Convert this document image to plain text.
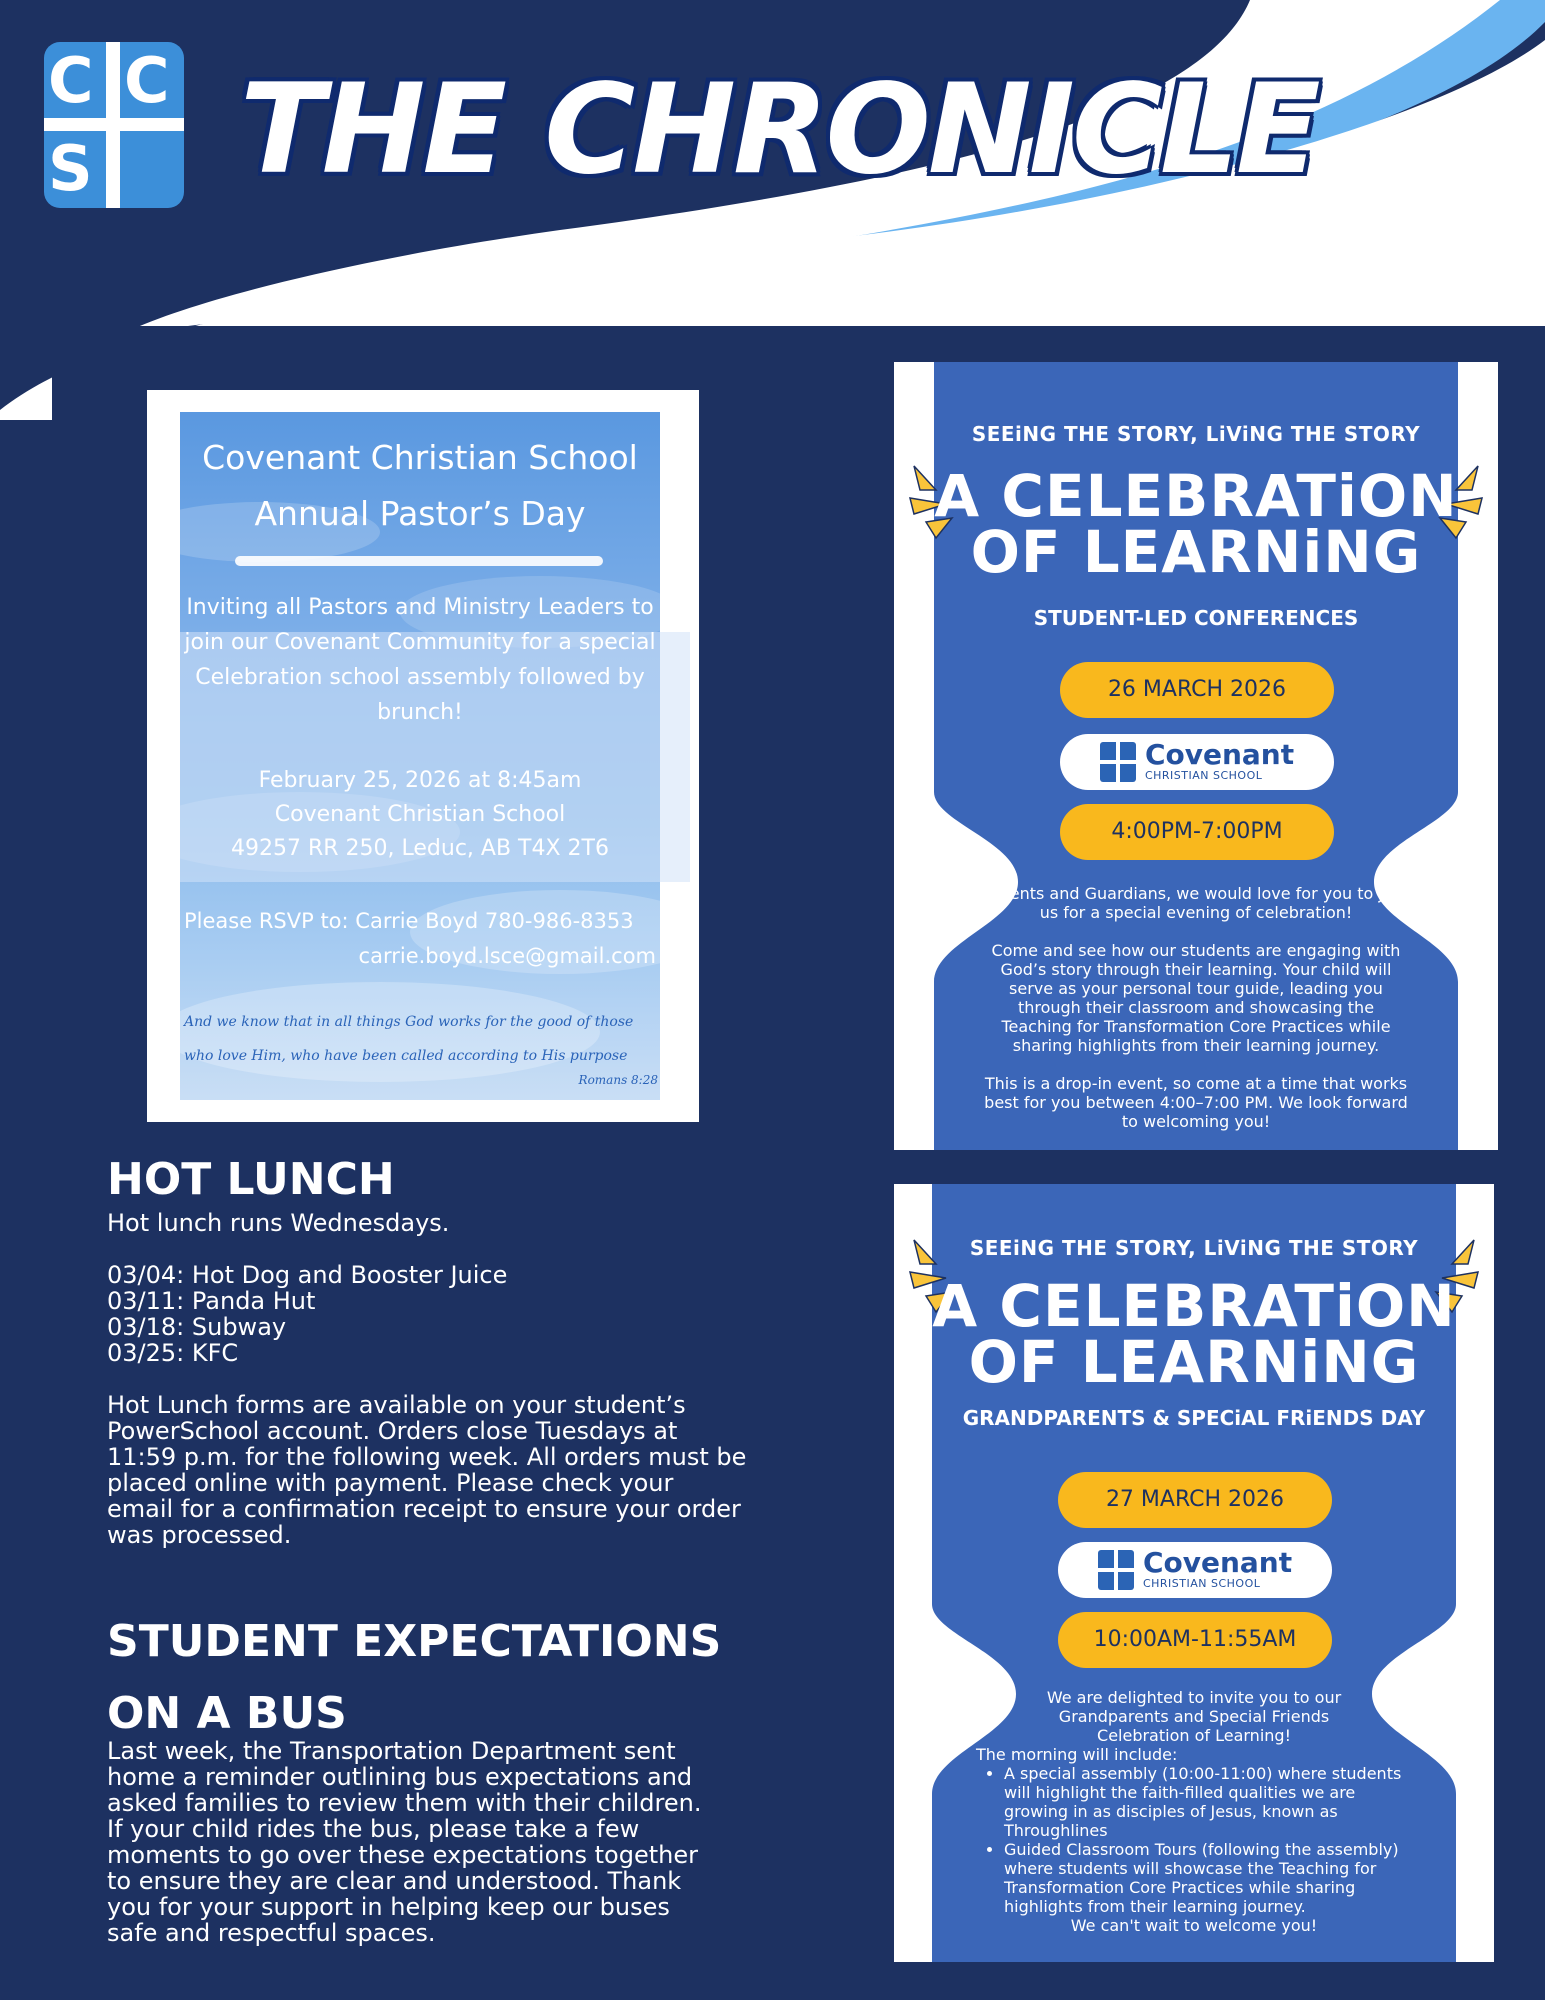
C C
S THE CHRONICLE
Covenant Christian School
Annual Pastor’s Day
Inviting all Pastors and Ministry Leaders to join our Covenant Community for a special Celebration school assembly followed by brunch!
February 25, 2026 at 8:45am
Covenant Christian School
49257 RR 250, Leduc, AB T4X 2T6
Please RSVP to: Carrie Boyd 780-986-8353
carrie.boyd.lsce@gmail.com
And we know that in all things God works for the good of those who love Him, who have been called according to His purpose
Romans 8:28
HOT LUNCH

Hot lunch runs Wednesdays.

03/04: Hot Dog and Booster Juice

03/11: Panda Hut

03/18: Subway

03/25: KFC

Hot Lunch forms are available on your student’s PowerSchool account. Orders close Tuesdays at 11:59 p.m. for the following week. All orders must be placed online with payment. Please check your email for a confirmation receipt to ensure your order was processed.

STUDENT EXPECTATIONS
ON A BUS
Last week, the Transportation Department sent home a reminder outlining bus expectations and asked families to review them with their children. If your child rides the bus, please take a few moments to go over these expectations together to ensure they are clear and understood. Thank you for your support in helping keep our buses safe and respectful spaces.
SEEiNG THE STORY, LiViNG THE STORY
A CELEBRATiON
OF LEARNiNG
STUDENT-LED CONFERENCES
26 MARCH 2026

Covenant
CHRISTIAN SCHOOL
4:00PM-7:00PM

Parents and Guardians, we would love for you to join us for a special evening of celebration!

Come and see how our students are engaging with God’s story through their learning. Your child will serve as your personal tour guide, leading you through their classroom and showcasing the Teaching for Transformation Core Practices while sharing highlights from their learning journey.

This is a drop-in event, so come at a time that works best for you between 4:00–7:00 PM. We look forward to welcoming you!

SEEiNG THE STORY, LiViNG THE STORY
A CELEBRATiON
OF LEARNiNG
GRANDPARENTS & SPECiAL FRiENDS DAY
27 MARCH 2026

Covenant
CHRISTIAN SCHOOL
10:00AM-11:55AM

We are delighted to invite you to our Grandparents and Special Friends Celebration of Learning!

The morning will include:

• A special assembly (10:00-11:00) where students will highlight the faith-filled qualities we are growing in as disciples of Jesus, known as Throughlines
• Guided Classroom Tours (following the assembly) where students will showcase the Teaching for Transformation Core Practices while sharing highlights from their learning journey.

We can't wait to welcome you!
